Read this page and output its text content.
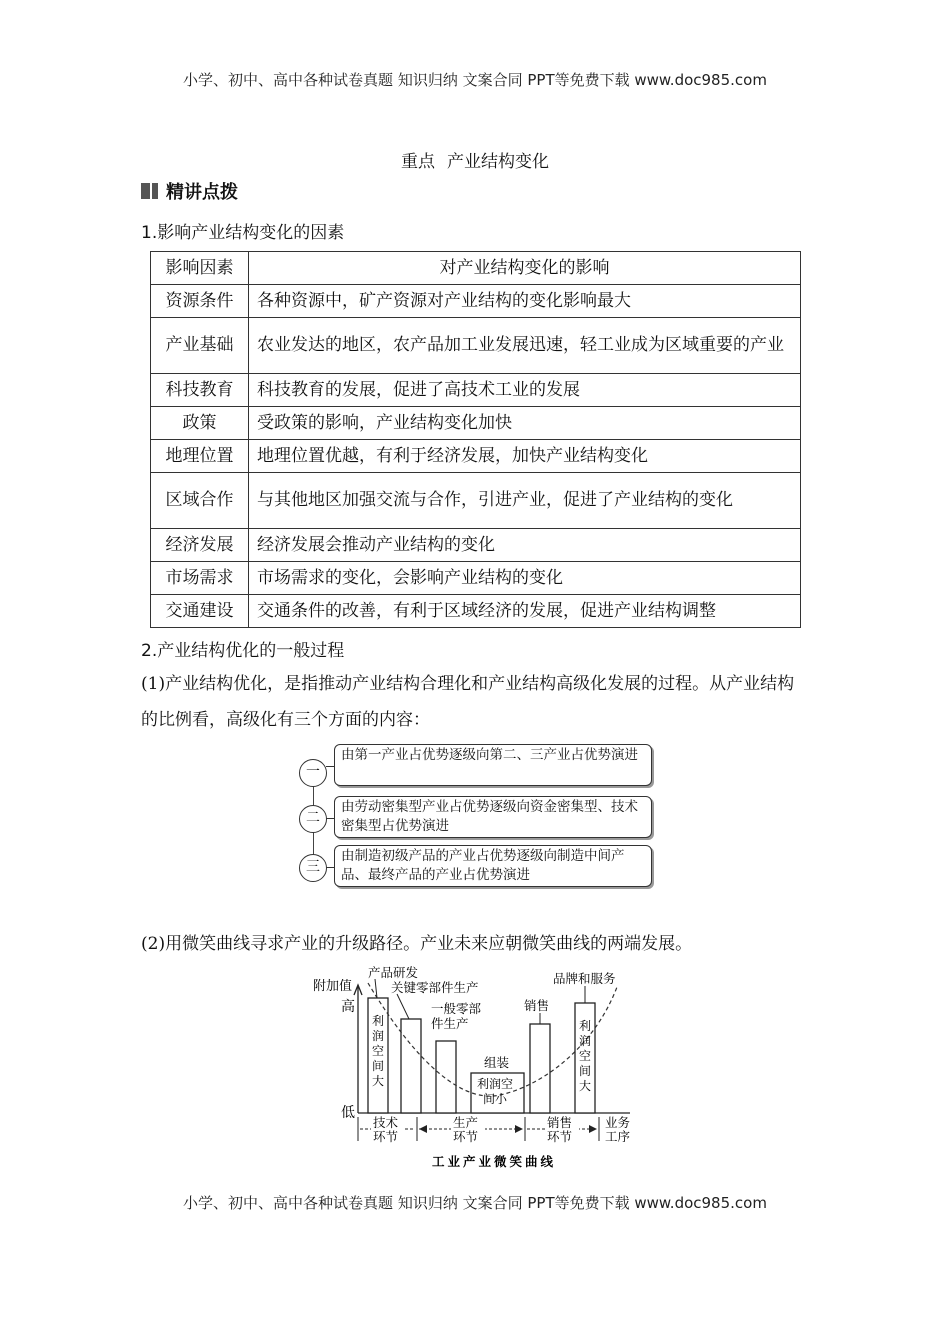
小学、初中、高中各种试卷真题 知识归纳 文案合同 PPT等免费下载 www.doc985.com
重点 产业结构变化
精讲点拨
1.影响产业结构变化的因素
影响因素	对产业结构变化的影响
资源条件	各种资源中，矿产资源对产业结构的变化影响最大
产业基础	农业发达的地区，农产品加工业发展迅速，轻工业成为区域重要的产业
科技教育	科技教育的发展，促进了高技术工业的发展
政策	受政策的影响，产业结构变化加快
地理位置	地理位置优越，有利于经济发展，加快产业结构变化
区域合作	与其他地区加强交流与合作，引进产业，促进了产业结构的变化
经济发展	经济发展会推动产业结构的变化
市场需求	市场需求的变化，会影响产业结构的变化
交通建设	交通条件的改善，有利于区域经济的发展，促进产业结构调整
2.产业结构优化的一般过程
(1)产业结构优化，是指推动产业结构合理化和产业结构高级化发展的过程。从产业结构的比例看，高级化有三个方面的内容：
一
由第一产业占优势逐级向第二、三产业占优势演进
二
由劳动密集型产业占优势逐级向资金密集型、技术密集型占优势演进
三
由制造初级产品的产业占优势逐级向制造中间产品、最终产品的产业占优势演进
(2)用微笑曲线寻求产业的升级路径。产业未来应朝微笑曲线的两端发展。
附加值
高
低
产品研发
关键零部件生产
一般零部
件生产
组装
销售
品牌和服务
利
润
空
间
大
利
润
空
间
大
利润空
间小
技术
环节
生产
环节
销售
环节
业务
工序
工业产业微笑曲线
小学、初中、高中各种试卷真题 知识归纳 文案合同 PPT等免费下载 www.doc985.com
